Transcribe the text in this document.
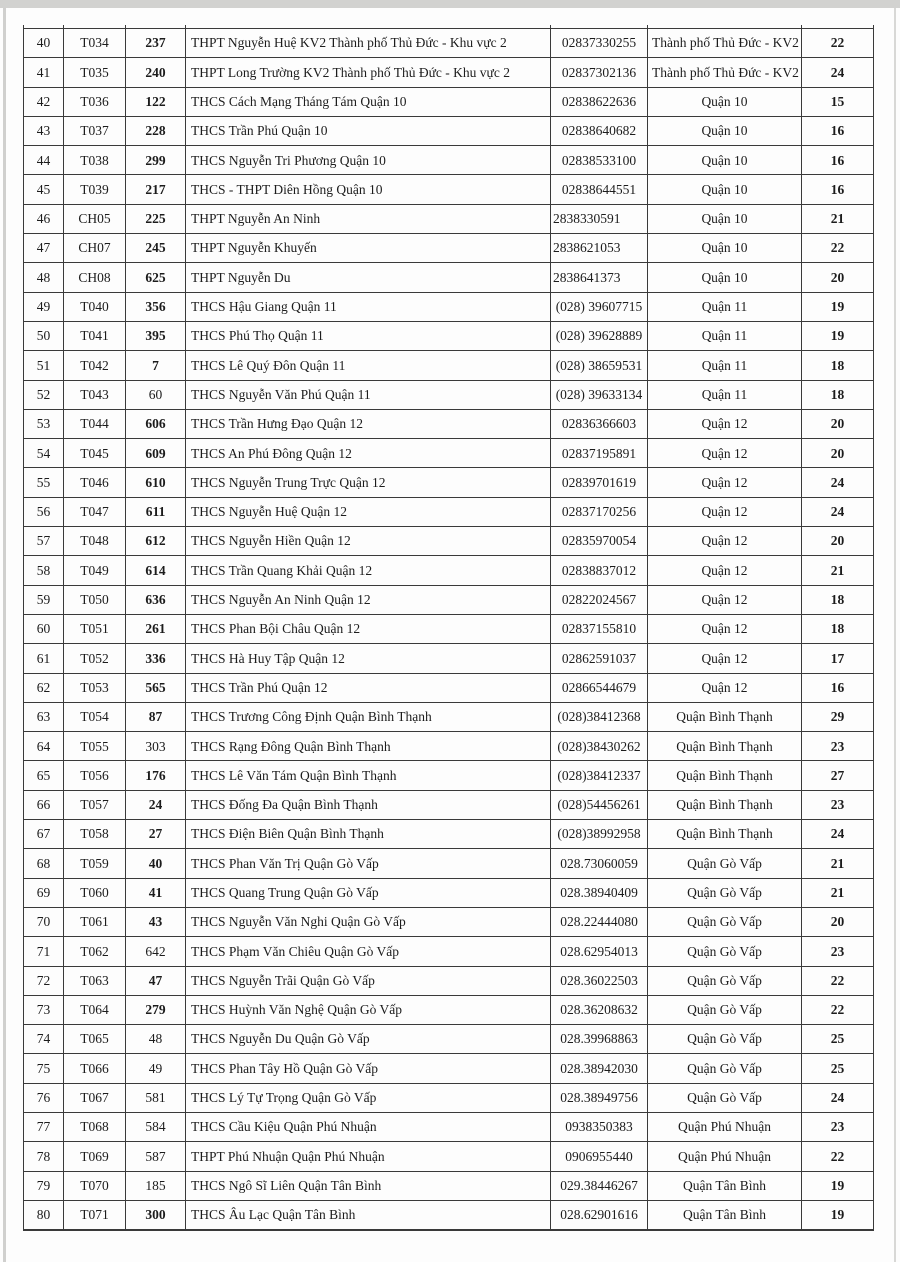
40	T034	237	THPT Nguyễn Huệ KV2 Thành phố Thủ Đức - Khu vực 2	02837330255	Thành phố Thủ Đức - KV2	22
41	T035	240	THPT Long Trường KV2 Thành phố Thủ Đức - Khu vực 2	02837302136	Thành phố Thủ Đức - KV2	24
42	T036	122	THCS Cách Mạng Tháng Tám Quận 10	02838622636	Quận 10	15
43	T037	228	THCS Trần Phú Quận 10	02838640682	Quận 10	16
44	T038	299	THCS Nguyễn Tri Phương Quận 10	02838533100	Quận 10	16
45	T039	217	THCS - THPT Diên Hồng Quận 10	02838644551	Quận 10	16
46	CH05	225	THPT Nguyễn An Ninh	2838330591	Quận 10	21
47	CH07	245	THPT Nguyễn Khuyến	2838621053	Quận 10	22
48	CH08	625	THPT Nguyễn Du	2838641373	Quận 10	20
49	T040	356	THCS Hậu Giang Quận 11	(028) 39607715	Quận 11	19
50	T041	395	THCS Phú Thọ Quận 11	(028) 39628889	Quận 11	19
51	T042	7	THCS Lê Quý Đôn Quận 11	(028) 38659531	Quận 11	18
52	T043	60	THCS Nguyễn Văn Phú Quận 11	(028) 39633134	Quận 11	18
53	T044	606	THCS Trần Hưng Đạo Quận 12	02836366603	Quận 12	20
54	T045	609	THCS An Phú Đông Quận 12	02837195891	Quận 12	20
55	T046	610	THCS Nguyễn Trung Trực Quận 12	02839701619	Quận 12	24
56	T047	611	THCS Nguyễn Huệ Quận 12	02837170256	Quận 12	24
57	T048	612	THCS Nguyễn Hiền Quận 12	02835970054	Quận 12	20
58	T049	614	THCS Trần Quang Khải Quận 12	02838837012	Quận 12	21
59	T050	636	THCS Nguyễn An Ninh Quận 12	02822024567	Quận 12	18
60	T051	261	THCS Phan Bội Châu Quận 12	02837155810	Quận 12	18
61	T052	336	THCS Hà Huy Tập Quận 12	02862591037	Quận 12	17
62	T053	565	THCS Trần Phú Quận 12	02866544679	Quận 12	16
63	T054	87	THCS Trương Công Định Quận Bình Thạnh	(028)38412368	Quận Bình Thạnh	29
64	T055	303	THCS Rạng Đông Quận Bình Thạnh	(028)38430262	Quận Bình Thạnh	23
65	T056	176	THCS Lê Văn Tám Quận Bình Thạnh	(028)38412337	Quận Bình Thạnh	27
66	T057	24	THCS Đống Đa Quận Bình Thạnh	(028)54456261	Quận Bình Thạnh	23
67	T058	27	THCS Điện Biên Quận Bình Thạnh	(028)38992958	Quận Bình Thạnh	24
68	T059	40	THCS Phan Văn Trị Quận Gò Vấp	028.73060059	Quận Gò Vấp	21
69	T060	41	THCS Quang Trung Quận Gò Vấp	028.38940409	Quận Gò Vấp	21
70	T061	43	THCS Nguyễn Văn Nghi Quận Gò Vấp	028.22444080	Quận Gò Vấp	20
71	T062	642	THCS Phạm Văn Chiêu Quận Gò Vấp	028.62954013	Quận Gò Vấp	23
72	T063	47	THCS Nguyễn Trãi Quận Gò Vấp	028.36022503	Quận Gò Vấp	22
73	T064	279	THCS Huỳnh Văn Nghệ Quận Gò Vấp	028.36208632	Quận Gò Vấp	22
74	T065	48	THCS Nguyễn Du Quận Gò Vấp	028.39968863	Quận Gò Vấp	25
75	T066	49	THCS Phan Tây Hồ Quận Gò Vấp	028.38942030	Quận Gò Vấp	25
76	T067	581	THCS Lý Tự Trọng Quận Gò Vấp	028.38949756	Quận Gò Vấp	24
77	T068	584	THCS Cầu Kiệu Quận Phú Nhuận	0938350383	Quận Phú Nhuận	23
78	T069	587	THPT Phú Nhuận Quận Phú Nhuận	0906955440	Quận Phú Nhuận	22
79	T070	185	THCS Ngô Sĩ Liên Quận Tân Bình	029.38446267	Quận Tân Bình	19
80	T071	300	THCS Âu Lạc Quận Tân Bình	028.62901616	Quận Tân Bình	19
